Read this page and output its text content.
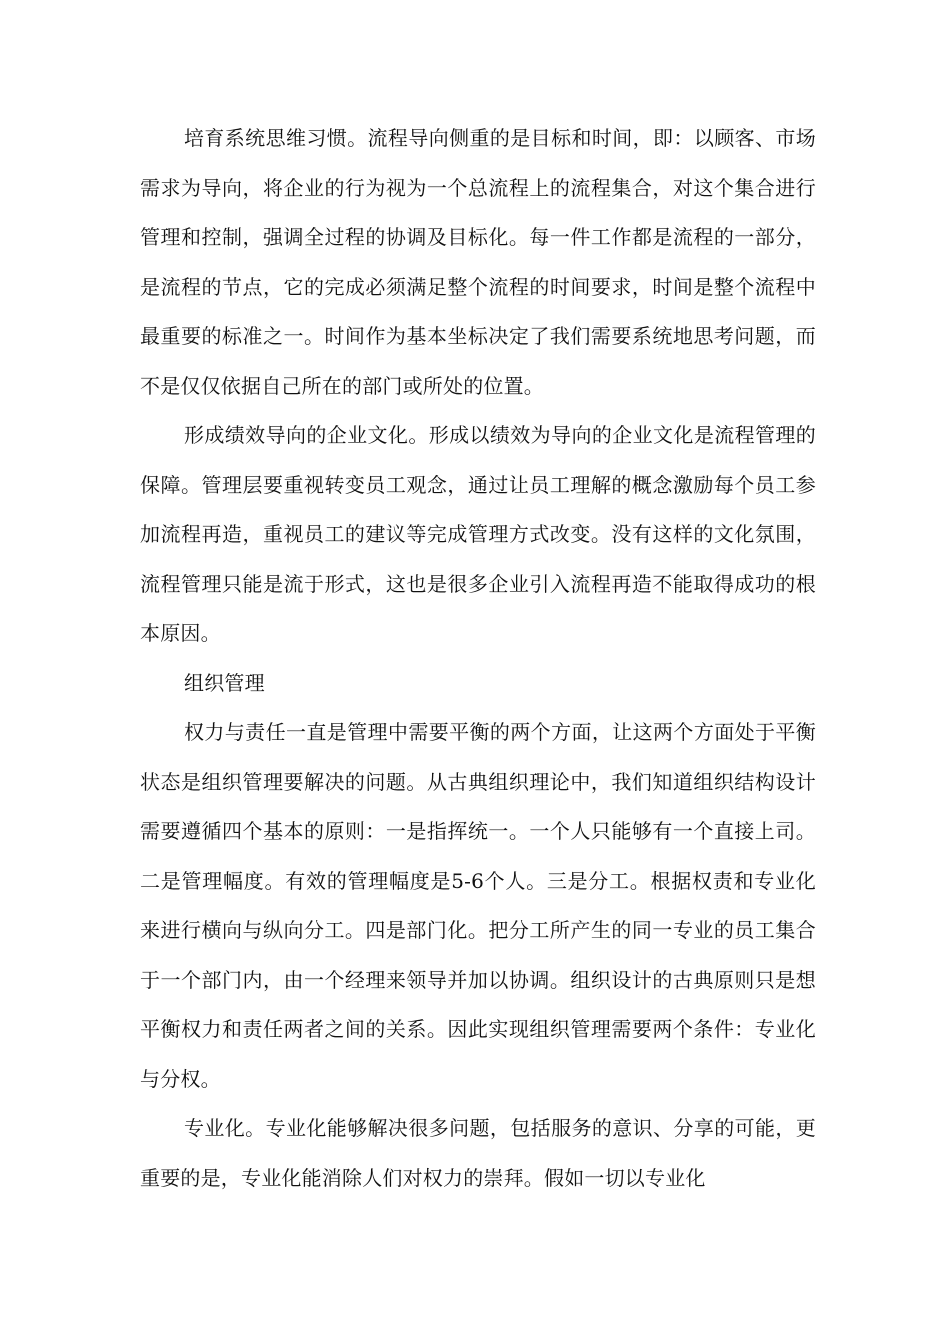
培育系统思维习惯。流程导向侧重的是目标和时间，即：以顾客、市场需求为导向，将企业的行为视为一个总流程上的流程集合，对这个集合进行管理和控制，强调全过程的协调及目标化。每一件工作都是流程的一部分，是流程的节点，它的完成必须满足整个流程的时间要求，时间是整个流程中最重要的标准之一。时间作为基本坐标决定了我们需要系统地思考问题，而不是仅仅依据自己所在的部门或所处的位置。

形成绩效导向的企业文化。形成以绩效为导向的企业文化是流程管理的保障。管理层要重视转变员工观念，通过让员工理解的概念激励每个员工参加流程再造，重视员工的建议等完成管理方式改变。没有这样的文化氛围，流程管理只能是流于形式，这也是很多企业引入流程再造不能取得成功的根本原因。

组织管理

权力与责任一直是管理中需要平衡的两个方面，让这两个方面处于平衡状态是组织管理要解决的问题。从古典组织理论中，我们知道组织结构设计需要遵循四个基本的原则：一是指挥统一。一个人只能够有一个直接上司。二是管理幅度。有效的管理幅度是5-6个人。三是分工。根据权责和专业化来进行横向与纵向分工。四是部门化。把分工所产生的同一专业的员工集合于一个部门内，由一个经理来领导并加以协调。组织设计的古典原则只是想平衡权力和责任两者之间的关系。因此实现组织管理需要两个条件：专业化与分权。

专业化。专业化能够解决很多问题，包括服务的意识、分享的可能，更重要的是，专业化能消除人们对权力的崇拜。假如一切以专业化
